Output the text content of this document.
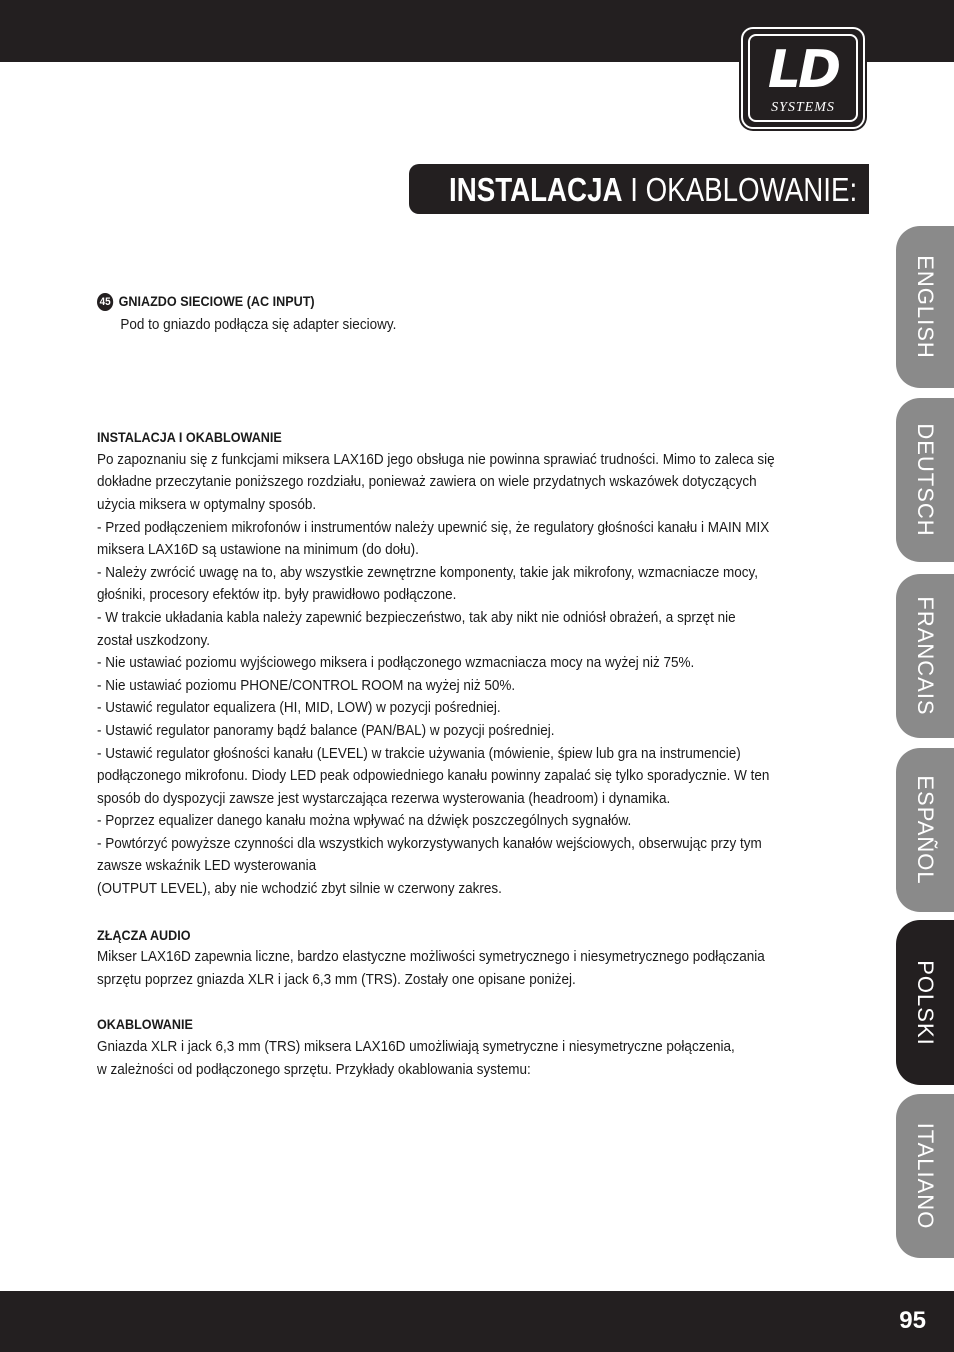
LD
SYSTEMS
INSTALACJA I OKABLOWANIE:
ENGLISH
DEUTSCH
FRANCAIS
ESPAÑOL
POLSKI
ITALIANO
45 GNIAZDO SIECIOWE (AC INPUT)
Pod to gniazdo podłącza się adapter sieciowy.
INSTALACJA I OKABLOWANIE

Po zapoznaniu się z funkcjami miksera LAX16D jego obsługa nie powinna sprawiać trudności. Mimo to zaleca się

dokładne przeczytanie poniższego rozdziału, ponieważ zawiera on wiele przydatnych wskazówek dotyczących

użycia miksera w optymalny sposób.

- Przed podłączeniem mikrofonów i instrumentów należy upewnić się, że regulatory głośności kanału i MAIN MIX

miksera LAX16D są ustawione na minimum (do dołu).

- Należy zwrócić uwagę na to, aby wszystkie zewnętrzne komponenty, takie jak mikrofony, wzmacniacze mocy,

głośniki, procesory efektów itp. były prawidłowo podłączone.

- W trakcie układania kabla należy zapewnić bezpieczeństwo, tak aby nikt nie odniósł obrażeń, a sprzęt nie

został uszkodzony.

- Nie ustawiać poziomu wyjściowego miksera i podłączonego wzmacniacza mocy na wyżej niż 75%.

- Nie ustawiać poziomu PHONE/CONTROL ROOM na wyżej niż 50%.

- Ustawić regulator equalizera (HI, MID, LOW) w pozycji pośredniej.

- Ustawić regulator panoramy bądź balance (PAN/BAL) w pozycji pośredniej.

- Ustawić regulator głośności kanału (LEVEL) w trakcie używania (mówienie, śpiew lub gra na instrumencie)

podłączonego mikrofonu. Diody LED peak odpowiedniego kanału powinny zapalać się tylko sporadycznie. W ten

sposób do dyspozycji zawsze jest wystarczająca rezerwa wysterowania (headroom) i dynamika.

- Poprzez equalizer danego kanału można wpływać na dźwięk poszczególnych sygnałów.

- Powtórzyć powyższe czynności dla wszystkich wykorzystywanych kanałów wejściowych, obserwując przy tym

zawsze wskaźnik LED wysterowania

(OUTPUT LEVEL), aby nie wchodzić zbyt silnie w czerwony zakres.

ZŁĄCZA AUDIO

Mikser LAX16D zapewnia liczne, bardzo elastyczne możliwości symetrycznego i niesymetrycznego podłączania

sprzętu poprzez gniazda XLR i jack 6,3 mm (TRS). Zostały one opisane poniżej.

OKABLOWANIE

Gniazda XLR i jack 6,3 mm (TRS) miksera LAX16D umożliwiają symetryczne i niesymetryczne połączenia,

w zależności od podłączonego sprzętu. Przykłady okablowania systemu:

95
